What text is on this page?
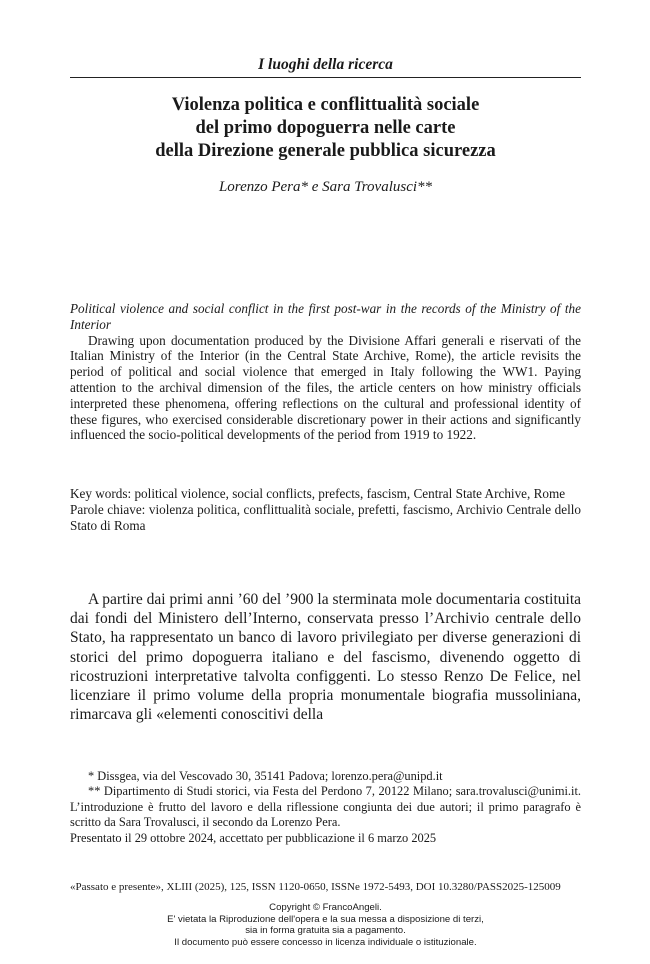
I luoghi della ricerca
Violenza politica e conflittualità sociale
del primo dopoguerra nelle carte
della Direzione generale pubblica sicurezza
Lorenzo Pera* e Sara Trovalusci**

Political violence and social conflict in the first post-war in the records of the Ministry of the Interior

Drawing upon documentation produced by the Divisione Affari generali e riservati of the Italian Ministry of the Interior (in the Central State Archive, Rome), the article revisits the period of political and social violence that emerged in Italy following the WW1. Paying attention to the archival dimension of the files, the article centers on how ministry officials interpreted these phenomena, offering reflections on the cultural and professional identity of these figures, who exercised considerable discretionary power in their actions and significantly influenced the socio-political developments of the period from 1919 to 1922.

Key words: political violence, social conflicts, prefects, fascism, Central State Archive, Rome

Parole chiave: violenza politica, conflittualità sociale, prefetti, fascismo, Archivio Centrale dello Stato di Roma

A partire dai primi anni ’60 del ’900 la sterminata mole documentaria costituita dai fondi del Ministero dell’Interno, conservata presso l’Archivio centrale dello Stato, ha rappresentato un banco di lavoro privilegiato per diverse generazioni di storici del primo dopoguerra italiano e del fascismo, divenendo oggetto di ricostruzioni interpretative talvolta configgenti. Lo stesso Renzo De Felice, nel licenziare il primo volume della propria monumentale biografia mussoliniana, rimarcava gli «elementi conoscitivi della

* Dissgea, via del Vescovado 30, 35141 Padova; lorenzo.pera@unipd.it

** Dipartimento di Studi storici, via Festa del Perdono 7, 20122 Milano; sara.trovalusci@unimi.it. L’introduzione è frutto del lavoro e della riflessione congiunta dei due autori; il primo paragrafo è scritto da Sara Trovalusci, il secondo da Lorenzo Pera.

Presentato il 29 ottobre 2024, accettato per pubblicazione il 6 marzo 2025

«Passato e presente», XLIII (2025), 125, ISSN 1120-0650, ISSNe 1972-5493, DOI 10.3280/PASS2025-125009
Copyright © FrancoAngeli.
E' vietata la Riproduzione dell'opera e la sua messa a disposizione di terzi,
sia in forma gratuita sia a pagamento.
Il documento può essere concesso in licenza individuale o istituzionale.
